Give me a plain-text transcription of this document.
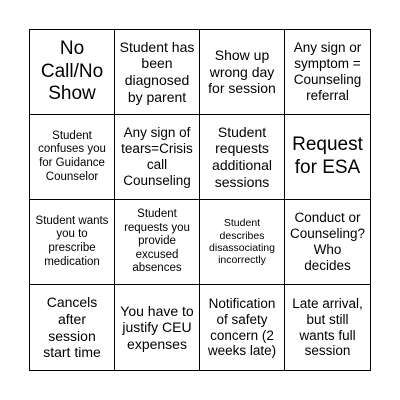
No Call/No Show
Student has been diagnosed by parent
Show up wrong day for session
Any sign or symptom = Counseling referral
Student confuses you for Guidance Counselor
Any sign of tears=Crisis call Counseling
Student requests additional sessions
Request for ESA
Student wants you to prescribe medication
Student requests you provide excused absences
Student describes disassociating incorrectly
Conduct or Counseling? Who decides
Cancels after session start time
You have to justify CEU expenses
Notification of safety concern (2 weeks late)
Late arrival, but still wants full session
